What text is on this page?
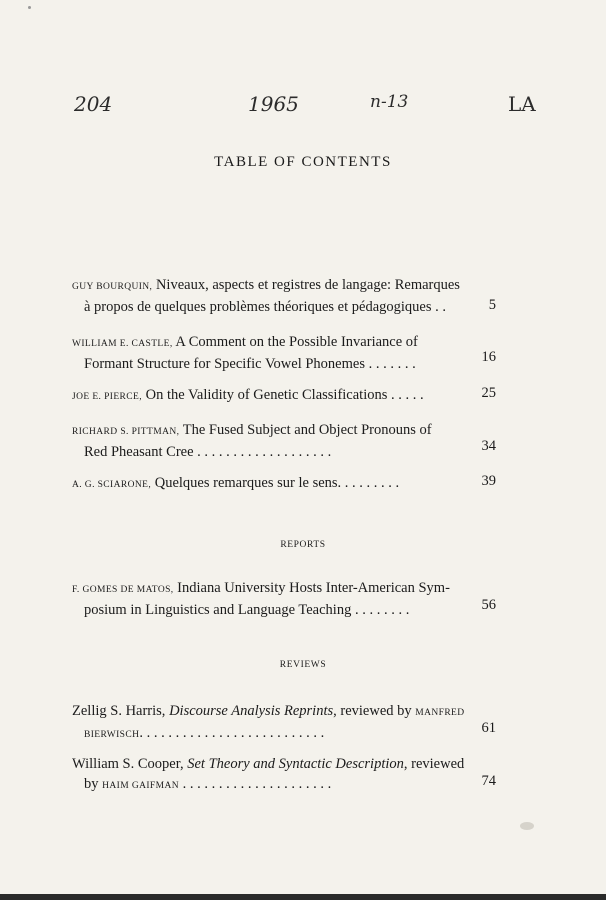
204	1965	n-13	LA
TABLE OF CONTENTS
GUY BOURQUIN, Niveaux, aspects et registres de langage: Remarques
à propos de quelques problèmes théoriques et pédagogiques . .	5
WILLIAM E. CASTLE, A Comment on the Possible Invariance of
Formant Structure for Specific Vowel Phonemes . . . . . . .	16
JOE E. PIERCE, On the Validity of Genetic Classifications . . . . .	25
RICHARD S. PITTMAN, The Fused Subject and Object Pronouns of
Red Pheasant Cree . . . . . . . . . . . . . . . . . . .	34
A. G. SCIARONE, Quelques remarques sur le sens. . . . . . . . .	39
REPORTS
F. GOMES DE MATOS, Indiana University Hosts Inter-American Sym-
posium in Linguistics and Language Teaching . . . . . . . .	56
REVIEWS
Zellig S. Harris, Discourse Analysis Reprints, reviewed by MANFRED
BIERWISCH. . . . . . . . . . . . . . . . . . . . . . . . . .	61
William S. Cooper, Set Theory and Syntactic Description, reviewed
by HAIM GAIFMAN . . . . . . . . . . . . . . . . . . . . .	74
